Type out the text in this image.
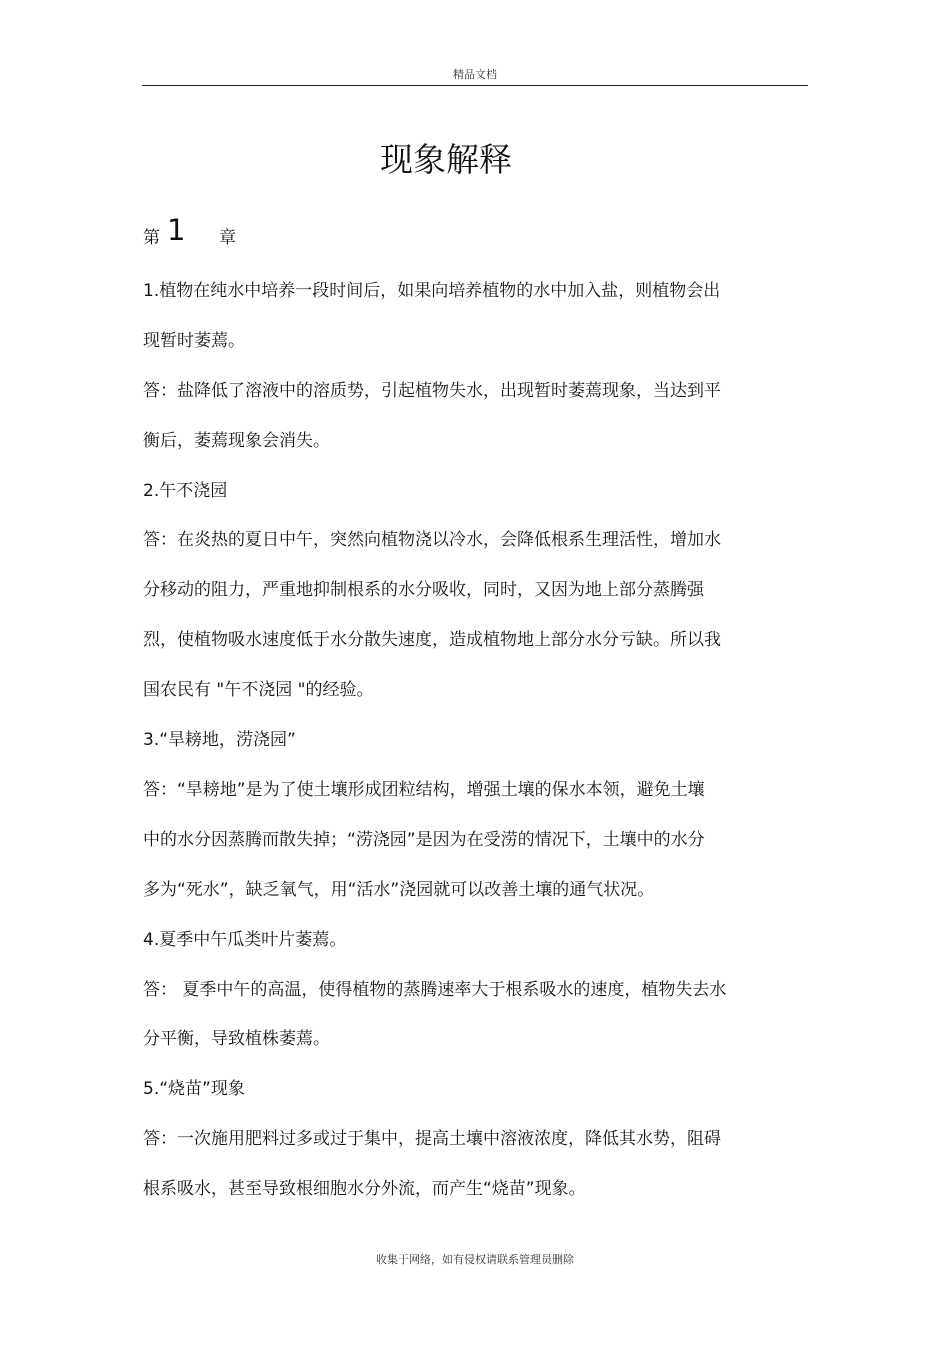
精品文档
现象解释
第 1 章
1.植物在纯水中培养一段时间后，如果向培养植物的水中加入盐，则植物会出
现暂时萎蔫。
答：盐降低了溶液中的溶质势，引起植物失水，出现暂时萎蔫现象，当达到平
衡后，萎蔫现象会消失。
2.午不浇园
答：在炎热的夏日中午，突然向植物浇以冷水，会降低根系生理活性，增加水
分移动的阻力，严重地抑制根系的水分吸收，同时，又因为地上部分蒸腾强
烈，使植物吸水速度低于水分散失速度，造成植物地上部分水分亏缺。所以我
国农民有 "午不浇园 "的经验。
3.“旱耪地，涝浇园”
答：“旱耪地”是为了使土壤形成团粒结构，增强土壤的保水本领，避免土壤
中的水分因蒸腾而散失掉；“涝浇园”是因为在受涝的情况下，土壤中的水分
多为“死水”，缺乏氧气，用“活水”浇园就可以改善土壤的通气状况。
4.夏季中午瓜类叶片萎蔫。
答： 夏季中午的高温，使得植物的蒸腾速率大于根系吸水的速度，植物失去水
分平衡，导致植株萎蔫。
5.“烧苗”现象
答：一次施用肥料过多或过于集中，提高土壤中溶液浓度，降低其水势，阻碍
根系吸水，甚至导致根细胞水分外流，而产生“烧苗”现象。
收集于网络，如有侵权请联系管理员删除
